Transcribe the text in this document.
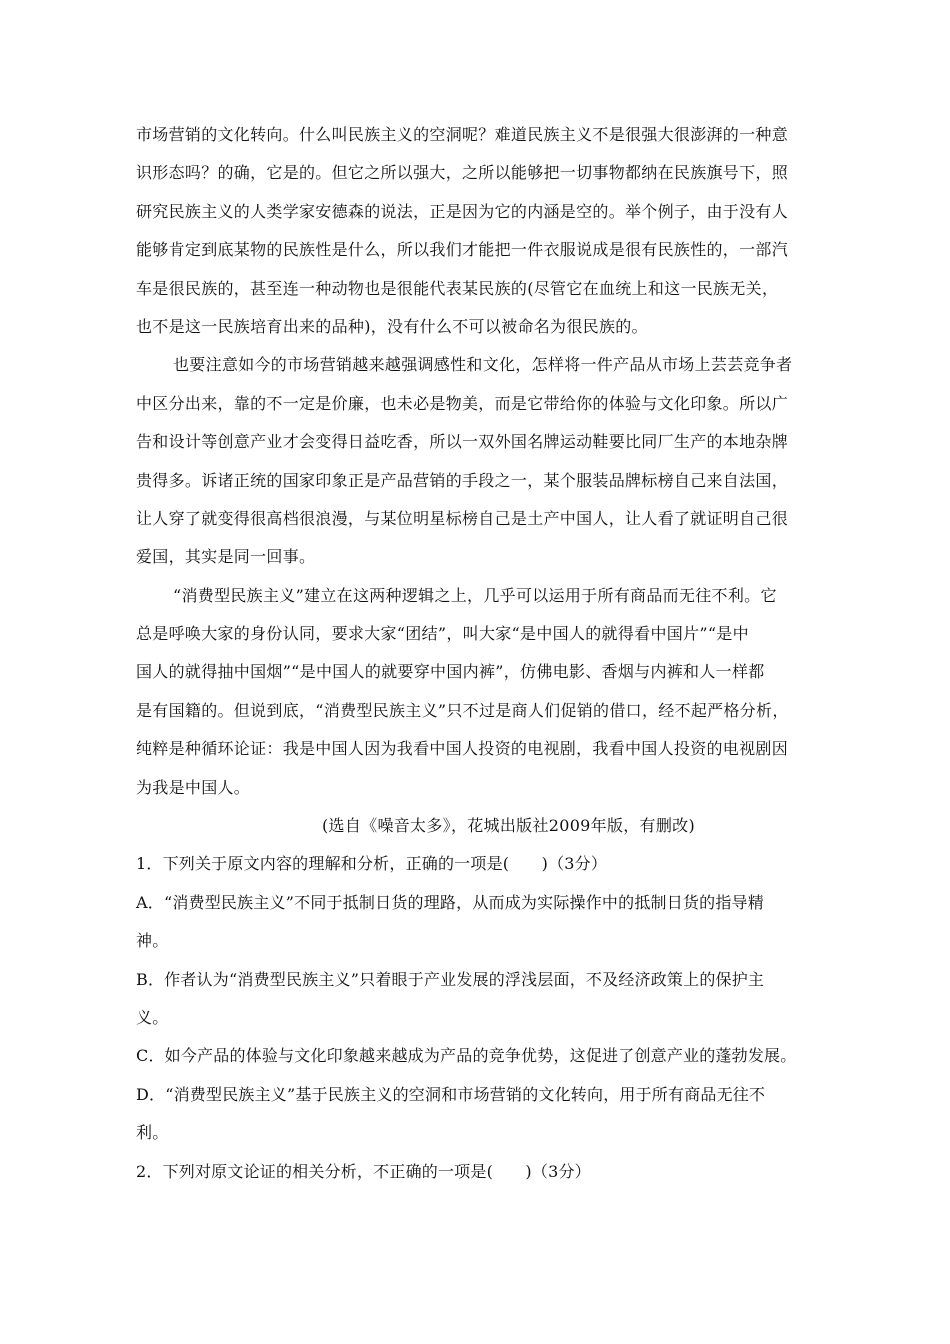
市场营销的文化转向。什么叫民族主义的空洞呢？难道民族主义不是很强大很澎湃的一种意
识形态吗？的确，它是的。但它之所以强大，之所以能够把一切事物都纳在民族旗号下，照
研究民族主义的人类学家安德森的说法，正是因为它的内涵是空的。举个例子，由于没有人
能够肯定到底某物的民族性是什么，所以我们才能把一件衣服说成是很有民族性的，一部汽
车是很民族的，甚至连一种动物也是很能代表某民族的(尽管它在血统上和这一民族无关，
也不是这一民族培育出来的品种)，没有什么不可以被命名为很民族的。
也要注意如今的市场营销越来越强调感性和文化，怎样将一件产品从市场上芸芸竞争者
中区分出来，靠的不一定是价廉，也未必是物美，而是它带给你的体验与文化印象。所以广
告和设计等创意产业才会变得日益吃香，所以一双外国名牌运动鞋要比同厂生产的本地杂牌
贵得多。诉诸正统的国家印象正是产品营销的手段之一，某个服装品牌标榜自己来自法国，
让人穿了就变得很高档很浪漫，与某位明星标榜自己是土产中国人，让人看了就证明自己很
爱国，其实是同一回事。
“消费型民族主义”建立在这两种逻辑之上，几乎可以运用于所有商品而无往不利。它
总是呼唤大家的身份认同，要求大家“团结”，叫大家“是中国人的就得看中国片”“是中
国人的就得抽中国烟”“是中国人的就要穿中国内裤”，仿佛电影、香烟与内裤和人一样都
是有国籍的。但说到底，“消费型民族主义”只不过是商人们促销的借口，经不起严格分析，
纯粹是种循环论证：我是中国人因为我看中国人投资的电视剧，我看中国人投资的电视剧因
为我是中国人。
(选自《噪音太多》，花城出版社2009年版，有删改)
1．下列关于原文内容的理解和分析，正确的一项是(　　)（3分）
A．“消费型民族主义”不同于抵制日货的理路，从而成为实际操作中的抵制日货的指导精
神。
B．作者认为“消费型民族主义”只着眼于产业发展的浮浅层面，不及经济政策上的保护主
义。
C．如今产品的体验与文化印象越来越成为产品的竞争优势，这促进了创意产业的蓬勃发展。
D．“消费型民族主义”基于民族主义的空洞和市场营销的文化转向，用于所有商品无往不
利。
2．下列对原文论证的相关分析，不正确的一项是(　　)（3分）
